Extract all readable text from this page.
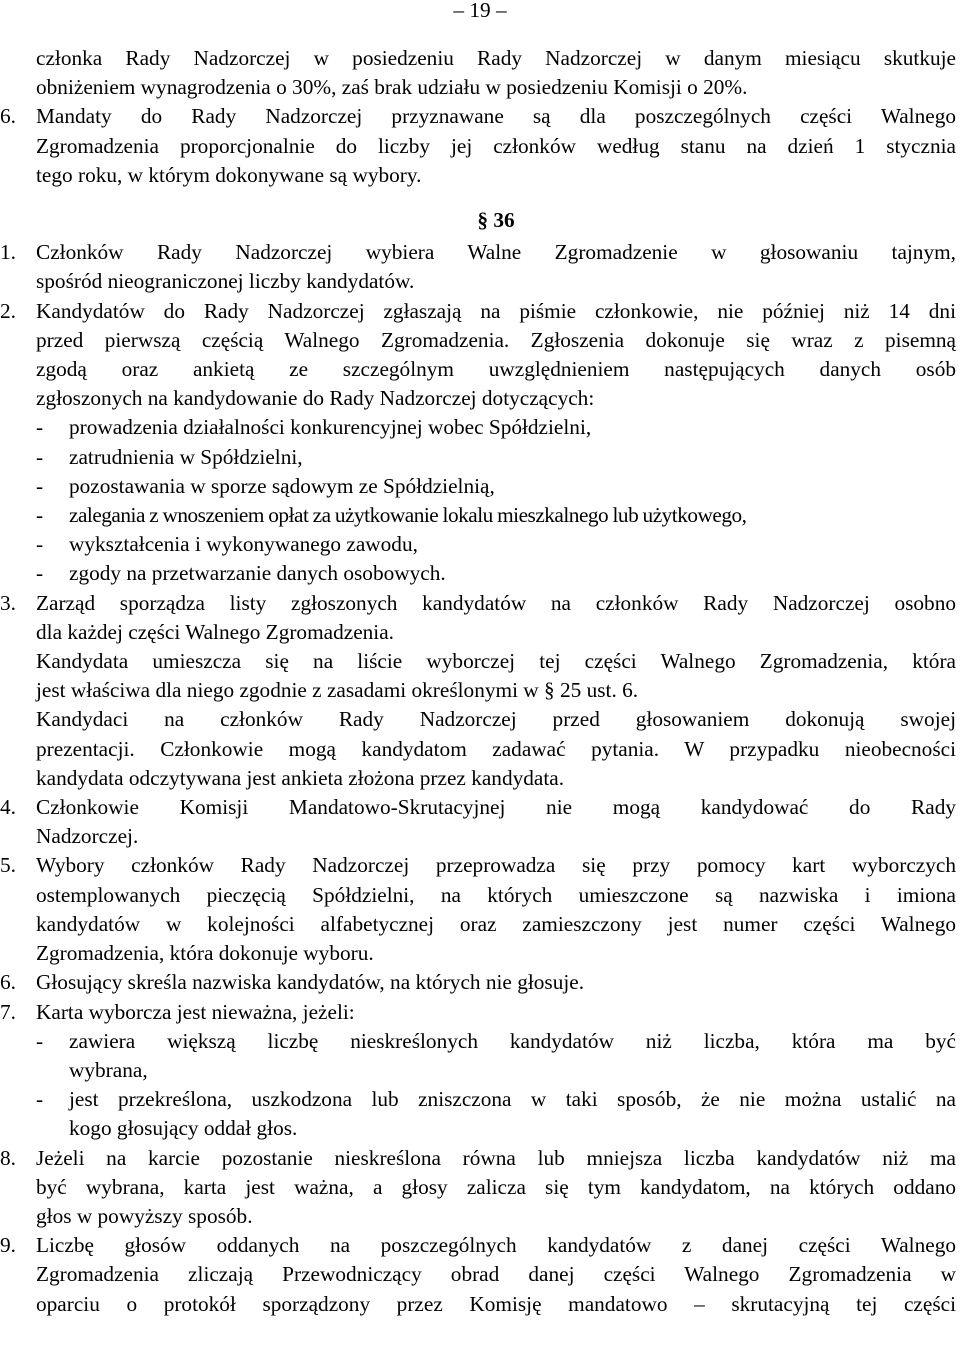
– 19 –
członka Rady Nadzorczej w posiedzeniu Rady Nadzorczej w danym miesiącu skutkuje
obniżeniem wynagrodzenia o 30%, zaś brak udziału w posiedzeniu Komisji o 20%.
6. Mandaty do Rady Nadzorczej przyznawane są dla poszczególnych części Walnego
Zgromadzenia proporcjonalnie do liczby jej członków według stanu na dzień 1 stycznia
tego roku, w którym dokonywane są wybory.
§ 36
1. Członków Rady Nadzorczej wybiera Walne Zgromadzenie w głosowaniu tajnym,
spośród nieograniczonej liczby kandydatów.
2. Kandydatów do Rady Nadzorczej zgłaszają na piśmie członkowie, nie później niż 14 dni
przed pierwszą częścią Walnego Zgromadzenia. Zgłoszenia dokonuje się wraz z pisemną
zgodą oraz ankietą ze szczególnym uwzględnieniem następujących danych osób
zgłoszonych na kandydowanie do Rady Nadzorczej dotyczących:
- prowadzenia działalności konkurencyjnej wobec Spółdzielni,
- zatrudnienia w Spółdzielni,
- pozostawania w sporze sądowym ze Spółdzielnią,
- zalegania z wnoszeniem opłat za użytkowanie lokalu mieszkalnego lub użytkowego,
- wykształcenia i wykonywanego zawodu,
- zgody na przetwarzanie danych osobowych.
3. Zarząd sporządza listy zgłoszonych kandydatów na członków Rady Nadzorczej osobno
dla każdej części Walnego Zgromadzenia.
Kandydata umieszcza się na liście wyborczej tej części Walnego Zgromadzenia, która
jest właściwa dla niego zgodnie z zasadami określonymi w § 25 ust. 6.
Kandydaci na członków Rady Nadzorczej przed głosowaniem dokonują swojej
prezentacji. Członkowie mogą kandydatom zadawać pytania. W przypadku nieobecności
kandydata odczytywana jest ankieta złożona przez kandydata.
4. Członkowie Komisji Mandatowo-Skrutacyjnej nie mogą kandydować do Rady
Nadzorczej.
5. Wybory członków Rady Nadzorczej przeprowadza się przy pomocy kart wyborczych
ostemplowanych pieczęcią Spółdzielni, na których umieszczone są nazwiska i imiona
kandydatów w kolejności alfabetycznej oraz zamieszczony jest numer części Walnego
Zgromadzenia, która dokonuje wyboru.
6. Głosujący skreśla nazwiska kandydatów, na których nie głosuje.
7. Karta wyborcza jest nieważna, jeżeli:
- zawiera większą liczbę nieskreślonych kandydatów niż liczba, która ma być
wybrana,
- jest przekreślona, uszkodzona lub zniszczona w taki sposób, że nie można ustalić na
kogo głosujący oddał głos.
8. Jeżeli na karcie pozostanie nieskreślona równa lub mniejsza liczba kandydatów niż ma
być wybrana, karta jest ważna, a głosy zalicza się tym kandydatom, na których oddano
głos w powyższy sposób.
9. Liczbę głosów oddanych na poszczególnych kandydatów z danej części Walnego
Zgromadzenia zliczają Przewodniczący obrad danej części Walnego Zgromadzenia w
oparciu o protokół sporządzony przez Komisję mandatowo – skrutacyjną tej części
